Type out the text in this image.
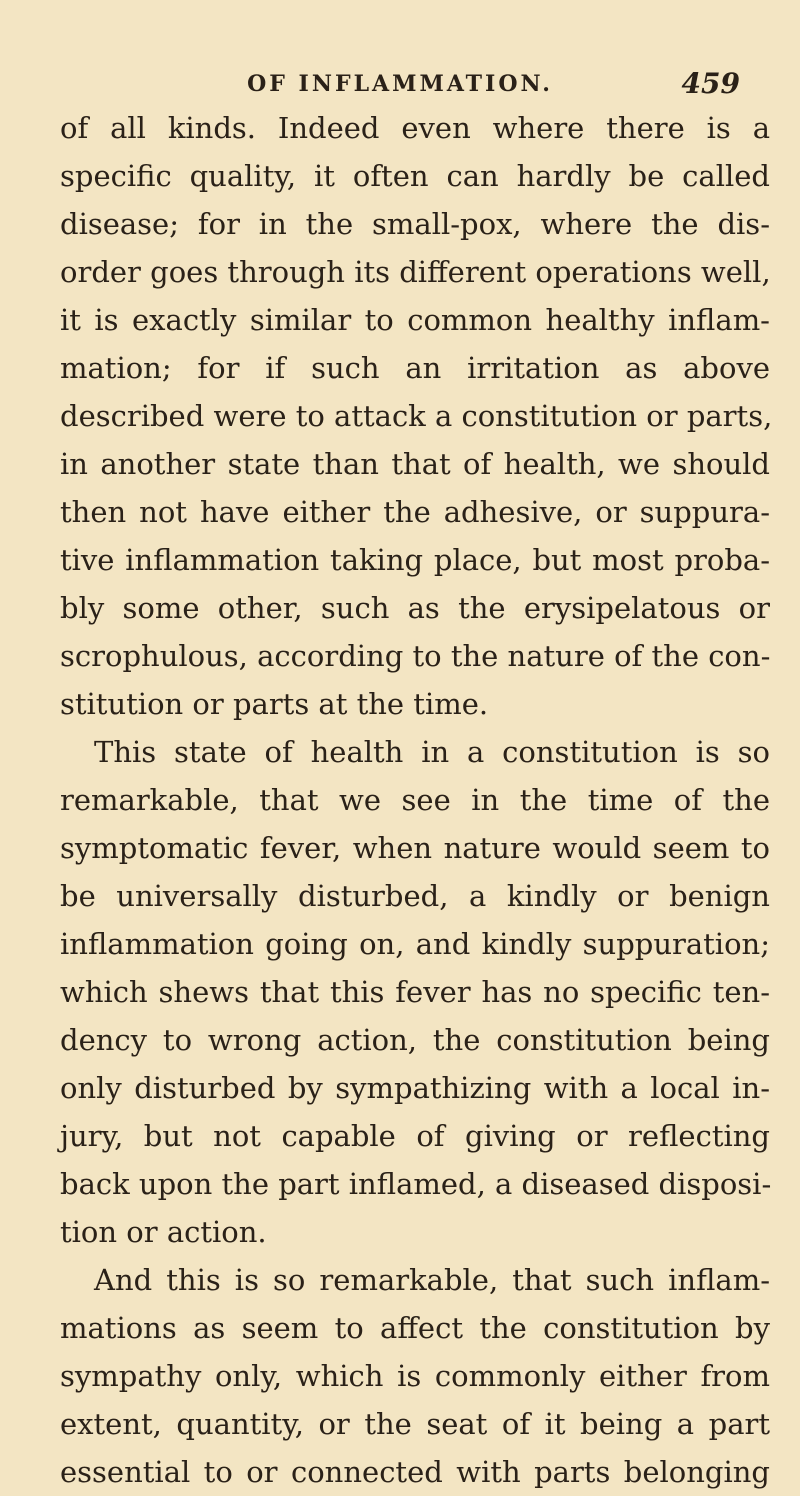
OF INFLAMMATION.	459
of all kinds. Indeed even where there is a
specific quality, it often can hardly be called
disease; for in the small-pox, where the dis-
order goes through its different operations well,
it is exactly similar to common healthy inflam-
mation; for if such an irritation as above
described were to attack a constitution or parts,
in another state than that of health, we should
then not have either the adhesive, or suppura-
tive inflammation taking place, but most proba-
bly some other, such as the erysipelatous or
scrophulous, according to the nature of the con-
stitution or parts at the time.
This state of health in a constitution is so
remarkable, that we see in the time of the
symptomatic fever, when nature would seem to
be universally disturbed, a kindly or benign
inflammation going on, and kindly suppuration;
which shews that this fever has no specific ten-
dency to wrong action, the constitution being
only disturbed by sympathizing with a local in-
jury, but not capable of giving or reflecting
back upon the part inflamed, a diseased disposi-
tion or action.
And this is so remarkable, that such inflam-
mations as seem to affect the constitution by
sympathy only, which is commonly either from
extent, quantity, or the seat of it being a part
essential to or connected with parts belonging
